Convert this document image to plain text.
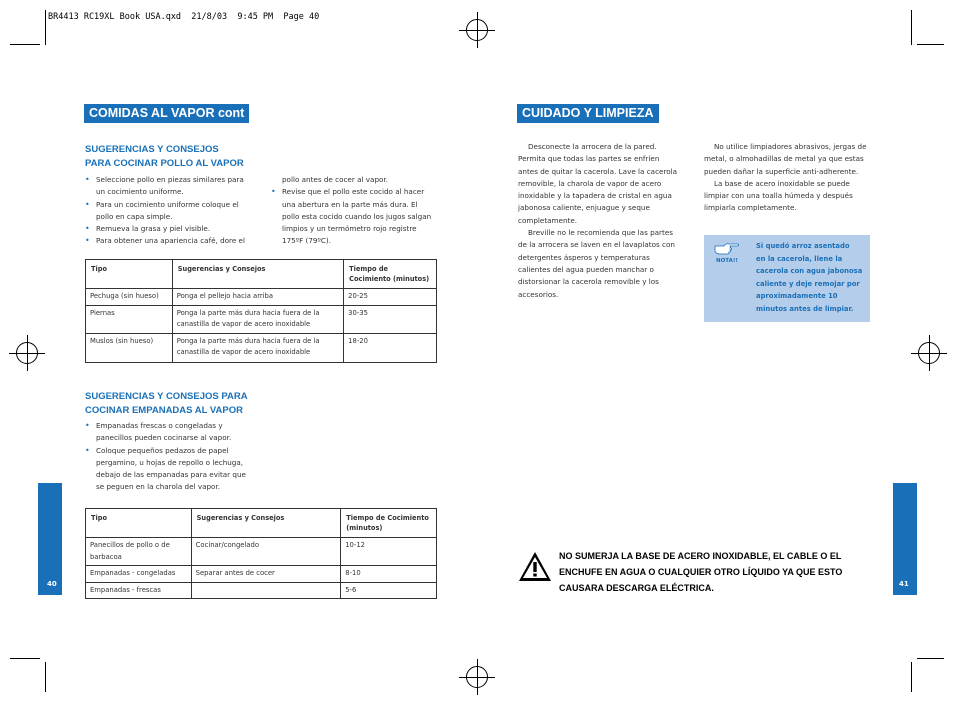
BR4413 RC19XL Book USA.qxd  21/8/03  9:45 PM  Page 40
COMIDAS AL VAPOR cont
SUGERENCIAS Y CONSEJOS
PARA COCINAR POLLO AL VAPOR
• Seleccione pollo en piezas similares para
un cocimiento uniforme.
• Para un cocimiento uniforme coloque el
pollo en capa simple.
• Remueva la grasa y piel visible.
• Para obtener una apariencia café, dore el
pollo antes de cocer al vapor.
• Revise que el pollo este cocido al hacer
una abertura en la parte más dura. El
pollo esta cocido cuando los jugos salgan
limpios y un termómetro rojo registre
175ºF (79ºC).
Tipo	Sugerencias y Consejos	Tiempo de Cocimiento (minutos)
Pechuga (sin hueso)	Ponga el pellejo hacia arriba	20-25
Piernas	Ponga la parte más dura hacia fuera de la canastilla de vapor de acero inoxidable	30-35
Muslos (sin hueso)	Ponga la parte más dura hacia fuera de la canastilla de vapor de acero inoxidable	18-20
SUGERENCIAS Y CONSEJOS PARA
COCINAR EMPANADAS AL VAPOR
• Empanadas frescas o congeladas y
panecillos pueden cocinarse al vapor.
• Coloque pequeños pedazos de papel
pergamino, u hojas de repollo o lechuga,
debajo de las empanadas para evitar que
se peguen en la charola del vapor.
Tipo	Sugerencias y Consejos	Tiempo de Cocimiento (minutos)
Panecillos de pollo o de barbacoa	Cocinar/congelado	10-12
Empanadas - congeladas	Separar antes de cocer	8-10
Empanadas - frescas		5-6
40
CUIDADO Y LIMPIEZA

Desconecte la arrocera de la pared.

Permita que todas las partes se enfríen

antes de quitar la cacerola. Lave la cacerola

removible, la charola de vapor de acero

inoxidable y la tapadera de cristal en agua

jabonosa caliente, enjuague y seque

completamente.

Breville no le recomienda que las partes

de la arrocera se laven en el lavaplatos con

detergentes ásperos y temperaturas

calientes del agua pueden manchar o

distorsionar la cacerola removible y los

accesorios.

No utilice limpiadores abrasivos, jergas de

metal, o almohadillas de metal ya que estas

pueden dañar la superficie anti-adherente.

La base de acero inoxidable se puede

limpiar con una toalla húmeda y después

limpiarla completamente.

NOTA!!
Si quedó arroz asentado
en la cacerola, llene la
cacerola con agua jabonosa
caliente y deje remojar por
aproximadamente 10
minutos antes de limpiar.
NO SUMERJA LA BASE DE ACERO INOXIDABLE, EL CABLE O EL
ENCHUFE EN AGUA O CUALQUIER OTRO LÍQUIDO YA QUE ESTO
CAUSARA DESCARGA ELÉCTRICA.	41
